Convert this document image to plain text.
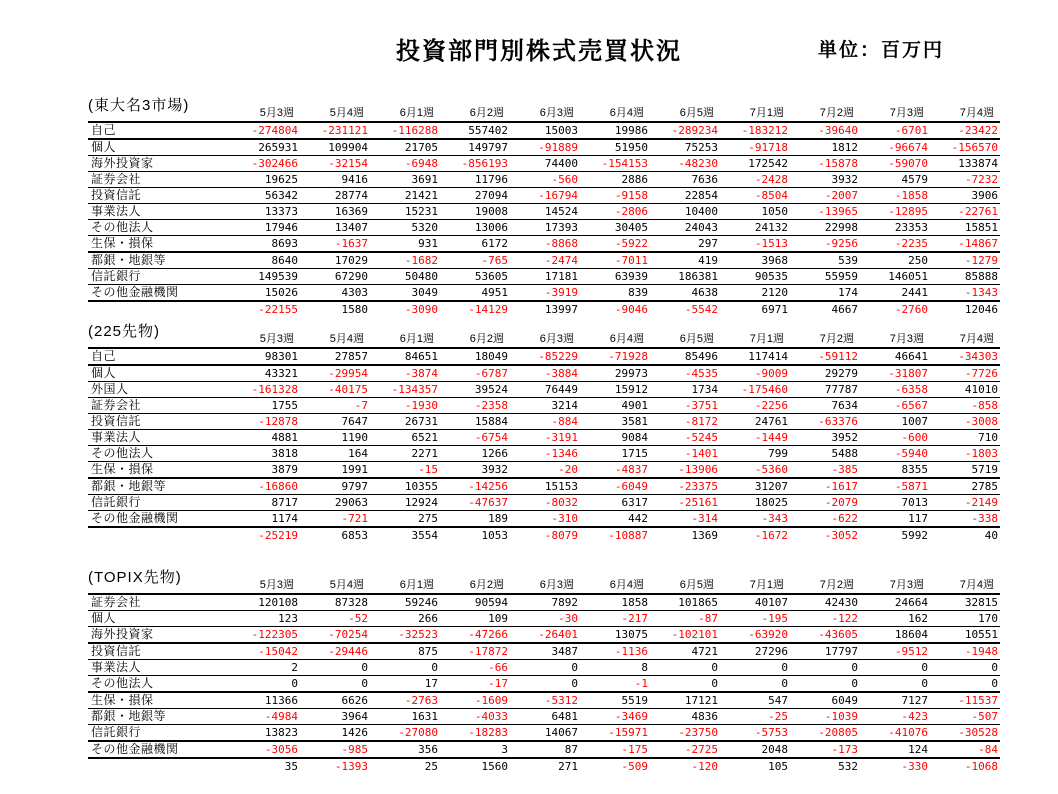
投資部門別株式売買状況	単位：百万円
(東大名3市場)
		5月3週	5月4週	6月1週	6月2週	6月3週	6月4週	6月5週	7月1週	7月2週	7月3週	7月4週
自己	-274804	-231121	-116288	557402	15003	19986	-289234	-183212	-39640	-6701	-23422
個人	265931	109904	21705	149797	-91889	51950	75253	-91718	1812	-96674	-156570
海外投資家	-302466	-32154	-6948	-856193	74400	-154153	-48230	172542	-15878	-59070	133874
証券会社	19625	9416	3691	11796	-560	2886	7636	-2428	3932	4579	-7232
投資信託	56342	28774	21421	27094	-16794	-9158	22854	-8504	-2007	-1858	3906
事業法人	13373	16369	15231	19008	14524	-2806	10400	1050	-13965	-12895	-22761
その他法人	17946	13407	5320	13006	17393	30405	24043	24132	22998	23353	15851
生保・損保	8693	-1637	931	6172	-8868	-5922	297	-1513	-9256	-2235	-14867
都銀・地銀等	8640	17029	-1682	-765	-2474	-7011	419	3968	539	250	-1279
信託銀行	149539	67290	50480	53605	17181	63939	186381	90535	55959	146051	85888
その他金融機関	15026	4303	3049	4951	-3919	839	4638	2120	174	2441	-1343
	-22155	1580	-3090	-14129	13997	-9046	-5542	6971	4667	-2760	12046
(225先物)
		5月3週	5月4週	6月1週	6月2週	6月3週	6月4週	6月5週	7月1週	7月2週	7月3週	7月4週
自己	98301	27857	84651	18049	-85229	-71928	85496	117414	-59112	46641	-34303
個人	43321	-29954	-3874	-6787	-3884	29973	-4535	-9009	29279	-31807	-7726
外国人	-161328	-40175	-134357	39524	76449	15912	1734	-175460	77787	-6358	41010
証券会社	1755	-7	-1930	-2358	3214	4901	-3751	-2256	7634	-6567	-858
投資信託	-12878	7647	26731	15884	-884	3581	-8172	24761	-63376	1007	-3008
事業法人	4881	1190	6521	-6754	-3191	9084	-5245	-1449	3952	-600	710
その他法人	3818	164	2271	1266	-1346	1715	-1401	799	5488	-5940	-1803
生保・損保	3879	1991	-15	3932	-20	-4837	-13906	-5360	-385	8355	5719
都銀・地銀等	-16860	9797	10355	-14256	15153	-6049	-23375	31207	-1617	-5871	2785
信託銀行	8717	29063	12924	-47637	-8032	6317	-25161	18025	-2079	7013	-2149
その他金融機関	1174	-721	275	189	-310	442	-314	-343	-622	117	-338
	-25219	6853	3554	1053	-8079	-10887	1369	-1672	-3052	5992	40
(TOPIX先物)
		5月3週	5月4週	6月1週	6月2週	6月3週	6月4週	6月5週	7月1週	7月2週	7月3週	7月4週
証券会社	120108	87328	59246	90594	7892	1858	101865	40107	42430	24664	32815
個人	123	-52	266	109	-30	-217	-87	-195	-122	162	170
海外投資家	-122305	-70254	-32523	-47266	-26401	13075	-102101	-63920	-43605	18604	10551
投資信託	-15042	-29446	875	-17872	3487	-1136	4721	27296	17797	-9512	-1948
事業法人	2	0	0	-66	0	8	0	0	0	0	0
その他法人	0	0	17	-17	0	-1	0	0	0	0	0
生保・損保	11366	6626	-2763	-1609	-5312	5519	17121	547	6049	7127	-11537
都銀・地銀等	-4984	3964	1631	-4033	6481	-3469	4836	-25	-1039	-423	-507
信託銀行	13823	1426	-27080	-18283	14067	-15971	-23750	-5753	-20805	-41076	-30528
その他金融機関	-3056	-985	356	3	87	-175	-2725	2048	-173	124	-84
	35	-1393	25	1560	271	-509	-120	105	532	-330	-1068
